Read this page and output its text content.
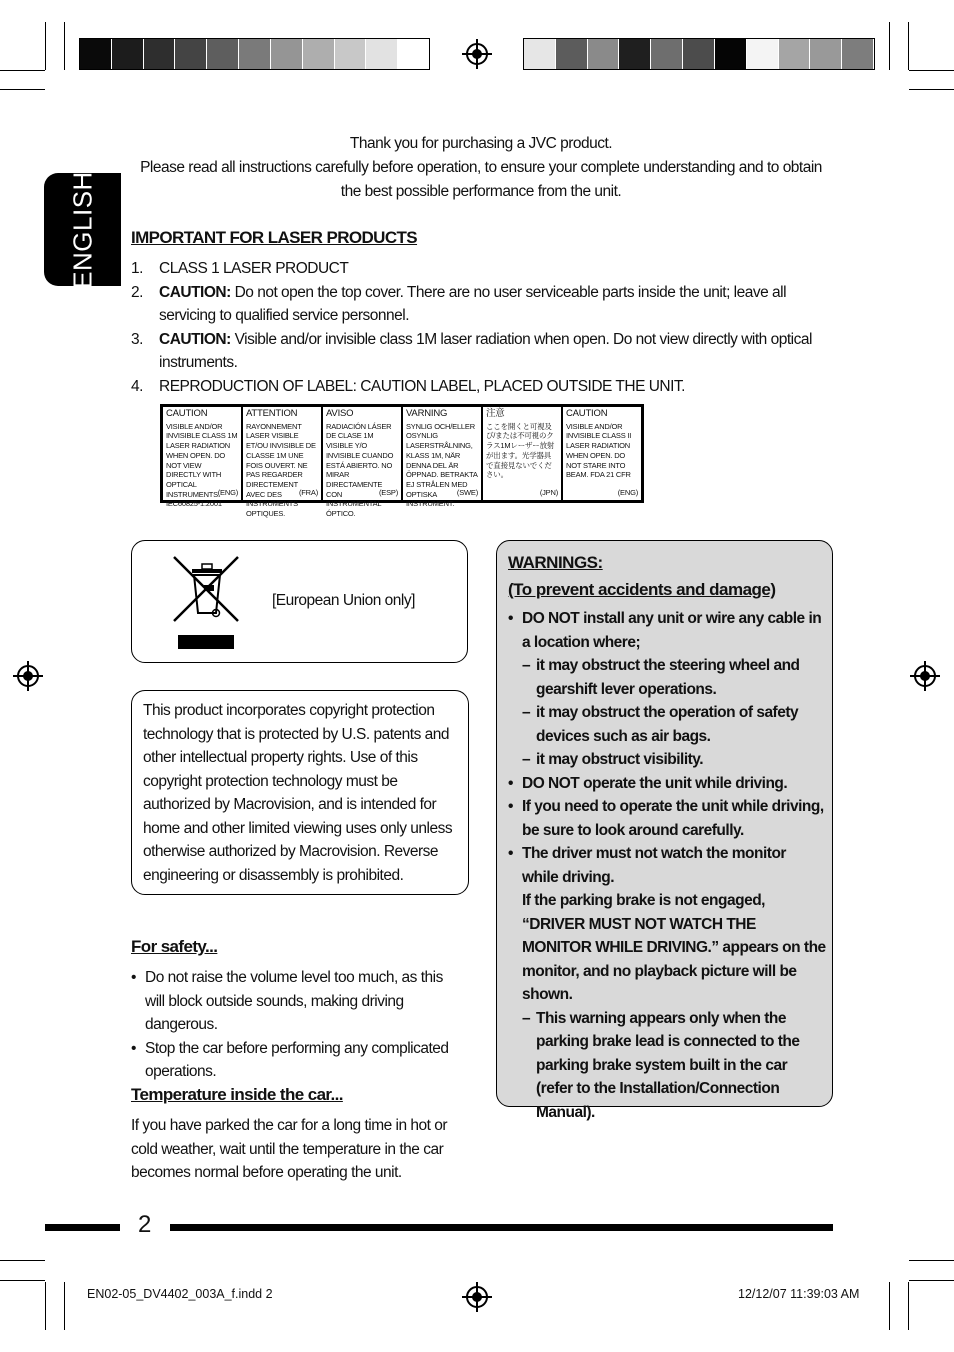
ENGLISH
Thank you for purchasing a JVC product.
Please read all instructions carefully before operation, to ensure your complete understanding and to obtain the best possible performance from the unit.
IMPORTANT FOR LASER PRODUCTS
1. CLASS 1 LASER PRODUCT
2. CAUTION: Do not open the top cover. There are no user serviceable parts inside the unit; leave all servicing to qualified service personnel.
3. CAUTION: Visible and/or invisible class 1M laser radiation when open. Do not view directly with optical instruments.
4. REPRODUCTION OF LABEL: CAUTION LABEL, PLACED OUTSIDE THE UNIT.
CAUTION
VISIBLE AND/OR INVISIBLE CLASS 1M LASER RADIATION WHEN OPEN. DO NOT VIEW DIRECTLY WITH OPTICAL INSTRUMENTS. IEC60825-1:2001
(ENG)
ATTENTION
RAYONNEMENT LASER VISIBLE ET/OU INVISIBLE DE CLASSE 1M UNE FOIS OUVERT. NE PAS REGARDER DIRECTEMENT AVEC DES INSTRUMENTS OPTIQUES.
(FRA)
AVISO
RADIACIÓN LÁSER DE CLASE 1M VISIBLE Y/O INVISIBLE CUANDO ESTÁ ABIERTO. NO MIRAR DIRECTAMENTE CON INSTRUMENTAL ÓPTICO.
(ESP)
VARNING
SYNLIG OCH/ELLER OSYNLIG LASERSTRÅLNING, KLASS 1M, NÄR DENNA DEL ÄR ÖPPNAD. BETRAKTA EJ STRÅLEN MED OPTISKA INSTRUMENT.
(SWE)
注意
ここを開くと可視及び/または不可視のクラス1Mレーザー放射が出ます。光学器具で直接見ないでください。
(JPN)
CAUTION
VISIBLE AND/OR INVISIBLE CLASS II LASER RADIATION WHEN OPEN. DO NOT STARE INTO BEAM. FDA 21 CFR
(ENG)
[European Union only]
This product incorporates copyright protection technology that is protected by U.S. patents and other intellectual property rights. Use of this copyright protection technology must be authorized by Macrovision, and is intended for home and other limited viewing uses only unless otherwise authorized by Macrovision. Reverse engineering or disassembly is prohibited.
For safety...
• Do not raise the volume level too much, as this will block outside sounds, making driving dangerous.
• Stop the car before performing any complicated operations.
Temperature inside the car...
If you have parked the car for a long time in hot or cold weather, wait until the temperature in the car becomes normal before operating the unit.
WARNINGS:
(To prevent accidents and damage)
• DO NOT install any unit or wire any cable in a location where;
– it may obstruct the steering wheel and gearshift lever operations.
– it may obstruct the operation of safety devices such as air bags.
– it may obstruct visibility.
• DO NOT operate the unit while driving.
• If you need to operate the unit while driving, be sure to look around carefully.
• The driver must not watch the monitor while driving.
If the parking brake is not engaged, “DRIVER MUST NOT WATCH THE MONITOR WHILE DRIVING.” appears on the monitor, and no playback picture will be shown.
– This warning appears only when the parking brake lead is connected to the parking brake system built in the car (refer to the Installation/Connection Manual).
2
EN02-05_DV4402_003A_f.indd 2	12/12/07 11:39:03 AM
